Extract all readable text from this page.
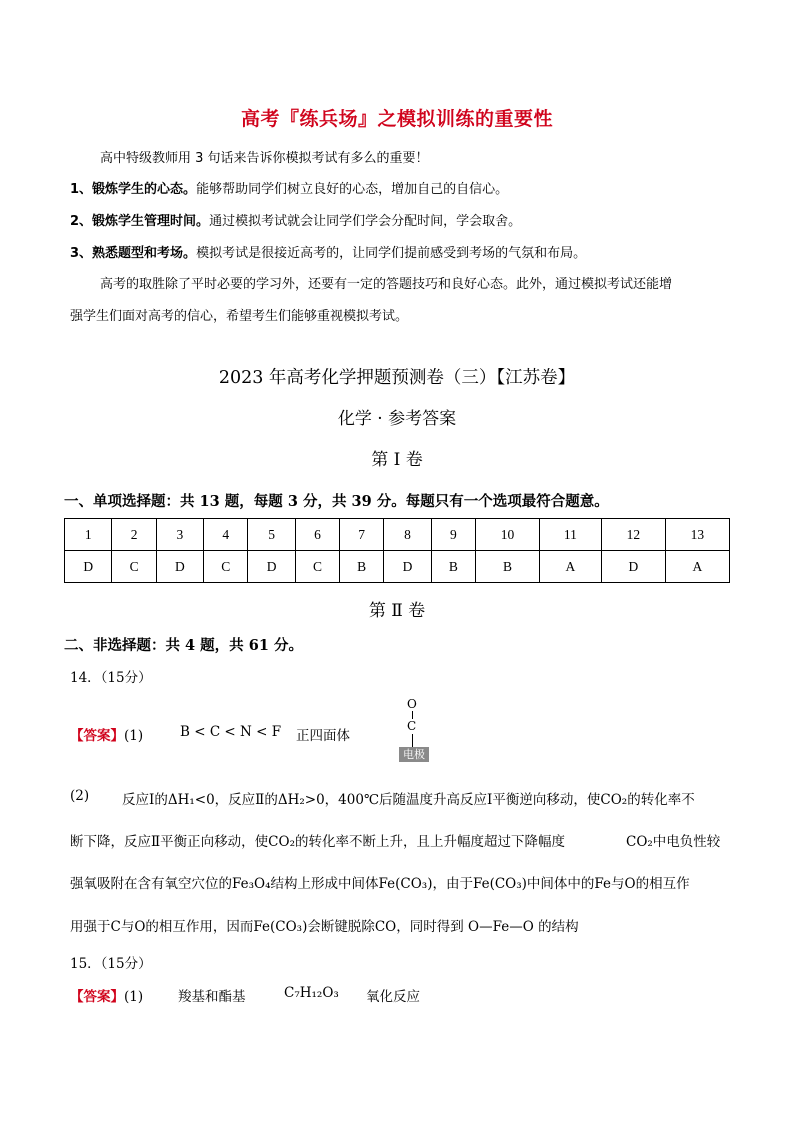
高考『练兵场』之模拟训练的重要性
高中特级教师用 3 句话来告诉你模拟考试有多么的重要！
1、锻炼学生的心态。能够帮助同学们树立良好的心态，增加自己的自信心。
2、锻炼学生管理时间。通过模拟考试就会让同学们学会分配时间，学会取舍。
3、熟悉题型和考场。模拟考试是很接近高考的，让同学们提前感受到考场的气氛和布局。
高考的取胜除了平时必要的学习外，还要有一定的答题技巧和良好心态。此外，通过模拟考试还能增
强学生们面对高考的信心，希望考生们能够重视模拟考试。
2023 年高考化学押题预测卷（三）【江苏卷】
化学 · 参考答案
第 Ⅰ 卷
一、单项选择题：共 13 题，每题 3 分，共 39 分。每题只有一个选项最符合题意。
1	2	3	4	5	6	7	8	9	10	11	12	13
D	C	D	C	D	C	B	D	B	B	A	D	A
第 Ⅱ 卷
二、非选择题：共 4 题，共 61 分。
14．（15分）
【答案】(1)	B < C < N < F 正四面体
O
C
电极
(2) 反应Ⅰ的ΔH₁<0，反应Ⅱ的ΔH₂>0，400℃后随温度升高反应Ⅰ平衡逆向移动，使CO₂的转化率不
断下降，反应Ⅱ平衡正向移动，使CO₂的转化率不断上升，且上升幅度超过下降幅度	CO₂中电负性较
强氧吸附在含有氧空穴位的Fe₃O₄结构上形成中间体Fe(CO₃)，由于Fe(CO₃)中间体中的Fe与O的相互作
用强于C与O的相互作用，因而Fe(CO₃)会断键脱除CO，同时得到 O—Fe—O 的结构
15．（15分）
【答案】(1)	羧基和酯基	C₇H₁₂O₃ 氧化反应
